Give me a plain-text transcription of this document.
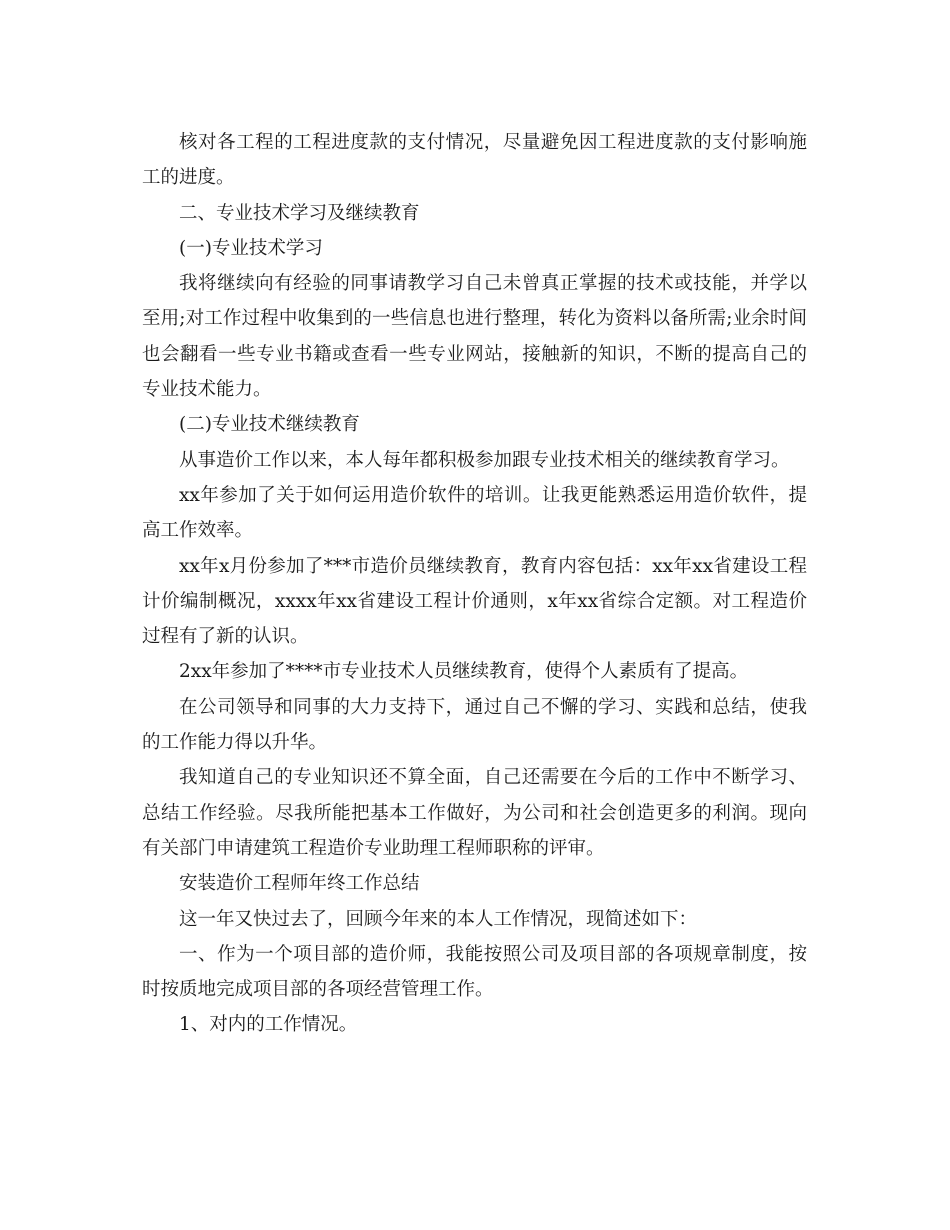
核对各工程的工程进度款的支付情况，尽量避免因工程进度款的支付影响施工的进度。

二、专业技术学习及继续教育

(一)专业技术学习

我将继续向有经验的同事请教学习自己未曾真正掌握的技术或技能，并学以至用;对工作过程中收集到的一些信息也进行整理，转化为资料以备所需;业余时间也会翻看一些专业书籍或查看一些专业网站，接触新的知识，不断的提高自己的专业技术能力。

(二)专业技术继续教育

从事造价工作以来，本人每年都积极参加跟专业技术相关的继续教育学习。

xx年参加了关于如何运用造价软件的培训。让我更能熟悉运用造价软件，提高工作效率。

xx年x月份参加了***市造价员继续教育，教育内容包括：xx年xx省建设工程计价编制概况，xxxx年xx省建设工程计价通则，x年xx省综合定额。对工程造价过程有了新的认识。

2xx年参加了****市专业技术人员继续教育，使得个人素质有了提高。

在公司领导和同事的大力支持下，通过自己不懈的学习、实践和总结，使我的工作能力得以升华。

我知道自己的专业知识还不算全面，自己还需要在今后的工作中不断学习、总结工作经验。尽我所能把基本工作做好，为公司和社会创造更多的利润。现向有关部门申请建筑工程造价专业助理工程师职称的评审。

安装造价工程师年终工作总结

这一年又快过去了，回顾今年来的本人工作情况，现简述如下：

一、作为一个项目部的造价师，我能按照公司及项目部的各项规章制度，按时按质地完成项目部的各项经营管理工作。

1、对内的工作情况。
